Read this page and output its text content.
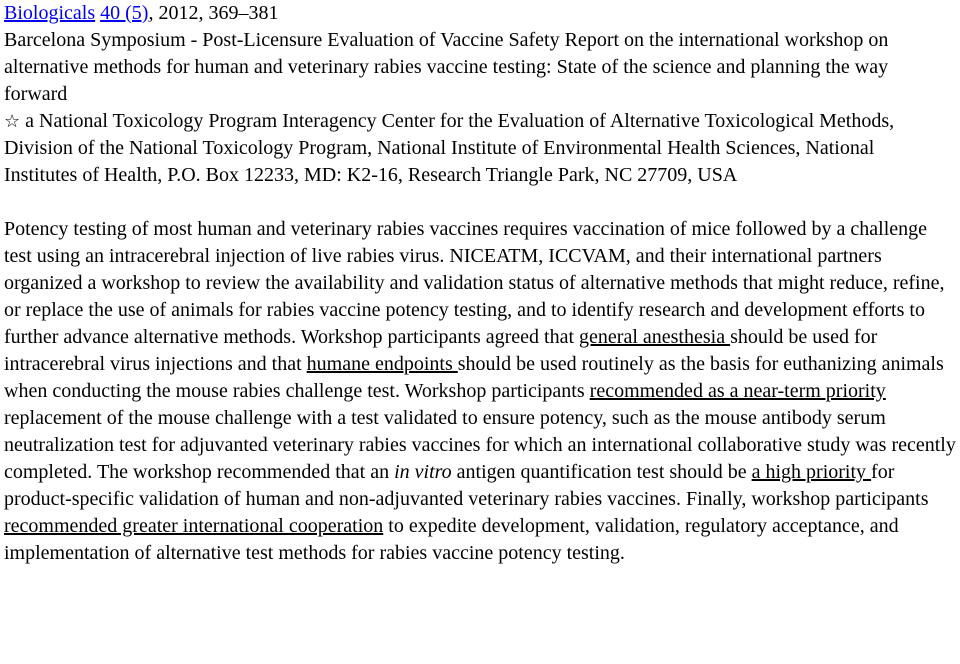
Biologicals 40 (5), 2012, 369–381

Barcelona Symposium - Post-Licensure Evaluation of Vaccine Safety Report on the international workshop on alternative methods for human and veterinary rabies vaccine testing: State of the science and planning the way forward

☆ a National Toxicology Program Interagency Center for the Evaluation of Alternative Toxicological Methods, Division of the National Toxicology Program, National Institute of Environmental Health Sciences, National Institutes of Health, P.O. Box 12233, MD: K2-16, Research Triangle Park, NC 27709, USA

Potency testing of most human and veterinary rabies vaccines requires vaccination of mice followed by a challenge test using an intracerebral injection of live rabies virus. NICEATM, ICCVAM, and their international partners organized a workshop to review the availability and validation status of alternative methods that might reduce, refine, or replace the use of animals for rabies vaccine potency testing, and to identify research and development efforts to further advance alternative methods. Workshop participants agreed that general anesthesia should be used for intracerebral virus injections and that humane endpoints should be used routinely as the basis for euthanizing animals when conducting the mouse rabies challenge test. Workshop participants recommended as a near-term priority replacement of the mouse challenge with a test validated to ensure potency, such as the mouse antibody serum neutralization test for adjuvanted veterinary rabies vaccines for which an international collaborative study was recently completed. The workshop recommended that an in vitro antigen quantification test should be a high priority for product-specific validation of human and non-adjuvanted veterinary rabies vaccines. Finally, workshop participants recommended greater international cooperation to expedite development, validation, regulatory acceptance, and implementation of alternative test methods for rabies vaccine potency testing.
